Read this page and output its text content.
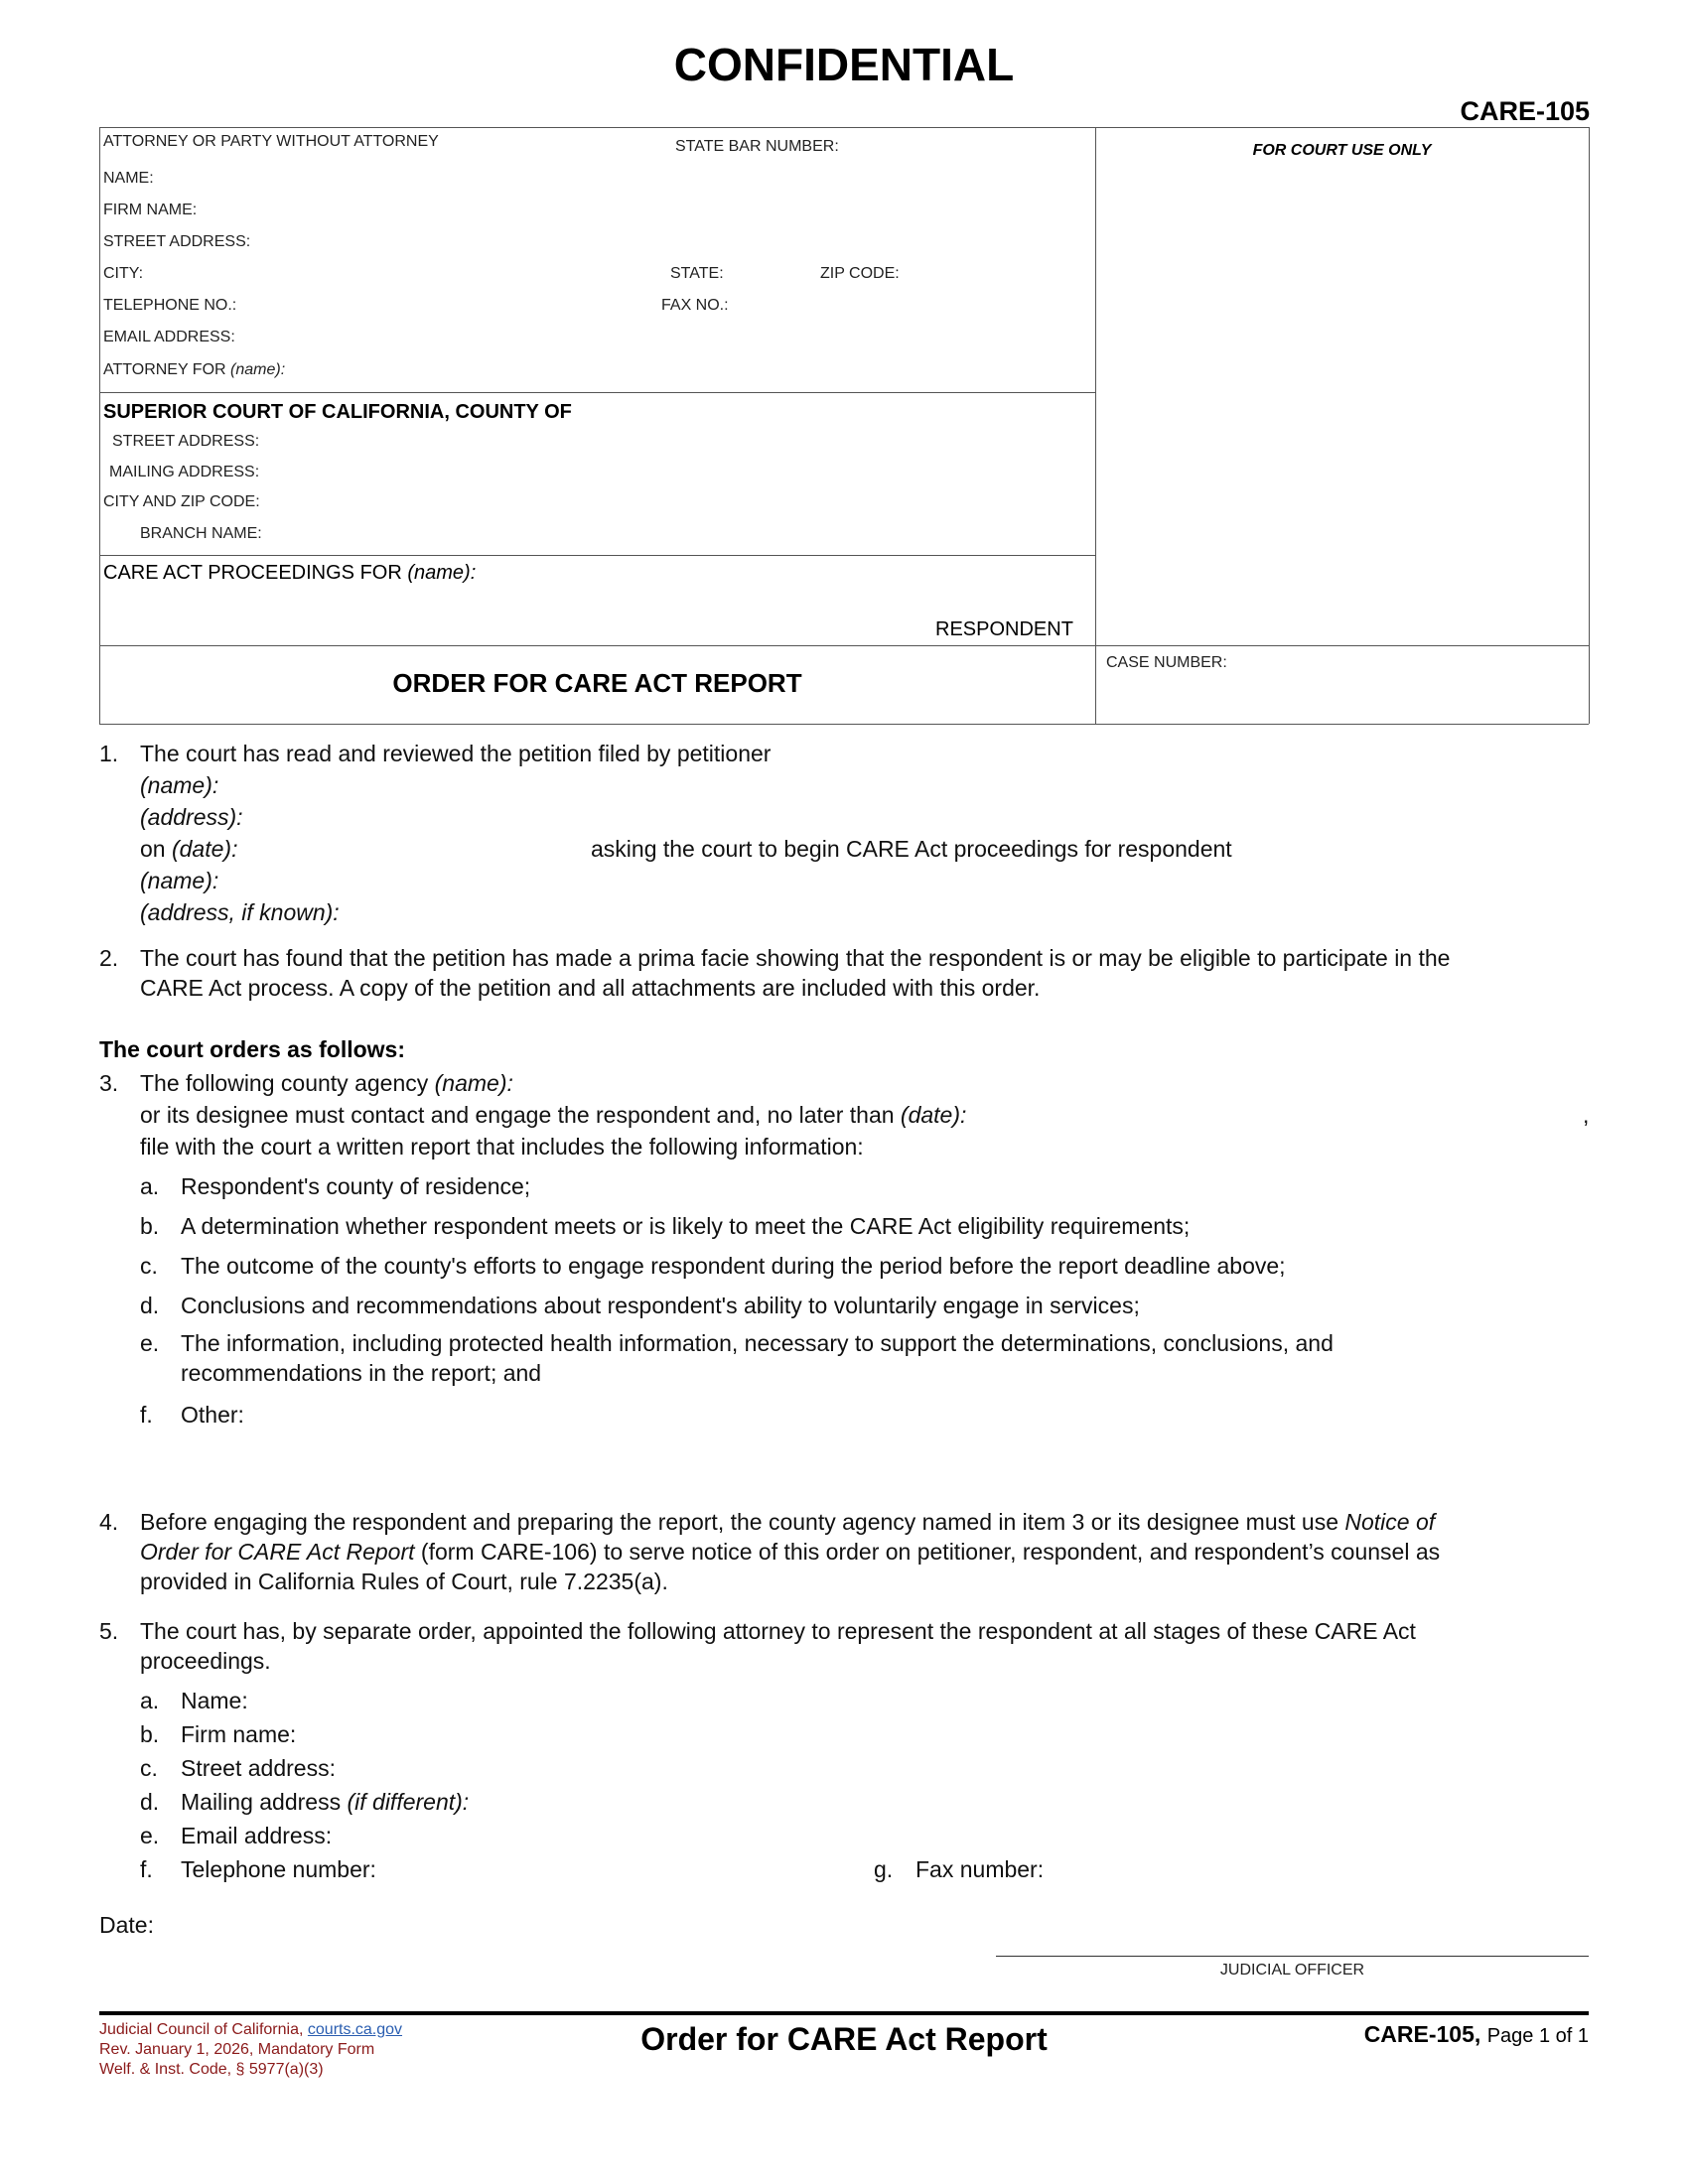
CONFIDENTIAL
CARE-105
ATTORNEY OR PARTY WITHOUT ATTORNEY	STATE BAR NUMBER:
NAME:
FIRM NAME:
STREET ADDRESS:
CITY:	STATE:	ZIP CODE:
TELEPHONE NO.:	FAX NO.:
EMAIL ADDRESS:
ATTORNEY FOR (name):
FOR COURT USE ONLY
SUPERIOR COURT OF CALIFORNIA, COUNTY OF
STREET ADDRESS:
MAILING ADDRESS:
CITY AND ZIP CODE:
BRANCH NAME:
CARE ACT PROCEEDINGS FOR (name):
RESPONDENT
ORDER FOR CARE ACT REPORT
CASE NUMBER:
1. The court has read and reviewed the petition filed by petitioner
(name):
(address):
on (date):	asking the court to begin CARE Act proceedings for respondent
(name):
(address, if known):
2. The court has found that the petition has made a prima facie showing that the respondent is or may be eligible to participate in the
CARE Act process. A copy of the petition and all attachments are included with this order.
The court orders as follows:
3. The following county agency (name):
or its designee must contact and engage the respondent and, no later than (date):	,
file with the court a written report that includes the following information:
a. Respondent's county of residence;
b. A determination whether respondent meets or is likely to meet the CARE Act eligibility requirements;
c. The outcome of the county's efforts to engage respondent during the period before the report deadline above;
d. Conclusions and recommendations about respondent's ability to voluntarily engage in services;
e. The information, including protected health information, necessary to support the determinations, conclusions, and
recommendations in the report; and
f. Other:
4. Before engaging the respondent and preparing the report, the county agency named in item 3 or its designee must use Notice of
Order for CARE Act Report (form CARE-106) to serve notice of this order on petitioner, respondent, and respondent’s counsel as
provided in California Rules of Court, rule 7.2235(a).
5. The court has, by separate order, appointed the following attorney to represent the respondent at all stages of these CARE Act
proceedings.
a. Name:
b. Firm name:
c. Street address:
d. Mailing address (if different):
e. Email address:
f. Telephone number:	g. Fax number:
Date:
JUDICIAL OFFICER
Judicial Council of California, courts.ca.gov
Rev. January 1, 2026, Mandatory Form
Welf. & Inst. Code, § 5977(a)(3)
Order for CARE Act Report	CARE-105, Page 1 of 1
